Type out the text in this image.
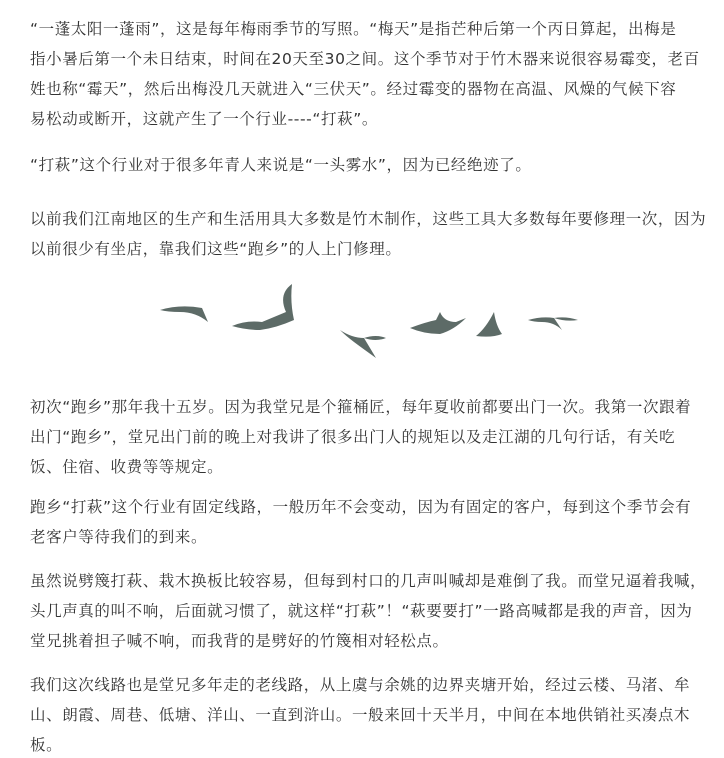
“一蓬太阳一蓬雨”，这是每年梅雨季节的写照。“梅天”是指芒种后第一个丙日算起，出梅是
指小暑后第一个未日结束，时间在20天至30之间。这个季节对于竹木器来说很容易霉变，老百
姓也称“霉天”，然后出梅没几天就进入“三伏天”。经过霉变的器物在高温、风燥的气候下容
易松动或断开，这就产生了一个行业----“打萩”。

“打萩”这个行业对于很多年青人来说是“一头雾水”，因为已经绝迹了。

以前我们江南地区的生产和生活用具大多数是竹木制作，这些工具大多数每年要修理一次，因为
以前很少有坐店，靠我们这些“跑乡”的人上门修理。

初次“跑乡”那年我十五岁。因为我堂兄是个箍桶匠，每年夏收前都要出门一次。我第一次跟着
出门“跑乡”，堂兄出门前的晚上对我讲了很多出门人的规矩以及走江湖的几句行话，有关吃
饭、住宿、收费等等规定。

跑乡“打萩”这个行业有固定线路，一般历年不会变动，因为有固定的客户，每到这个季节会有
老客户等待我们的到来。

虽然说劈篾打萩、栽木换板比较容易，但每到村口的几声叫喊却是难倒了我。而堂兄逼着我喊，
头几声真的叫不响，后面就习惯了，就这样“打萩”！“萩要要打”一路高喊都是我的声音，因为
堂兄挑着担子喊不响，而我背的是劈好的竹篾相对轻松点。

我们这次线路也是堂兄多年走的老线路，从上虞与余姚的边界夹塘开始，经过云楼、马渚、牟
山、朗霞、周巷、低塘、洋山、一直到浒山。一般来回十天半月，中间在本地供销社买凑点木
板。
